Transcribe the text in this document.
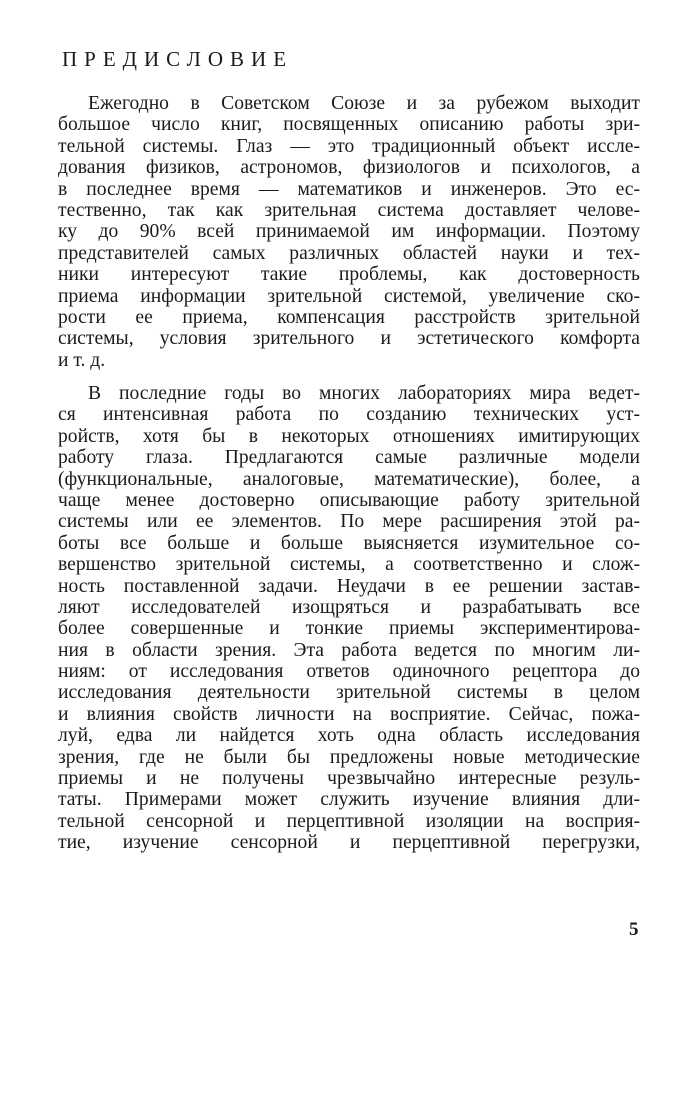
ПРЕДИСЛОВИЕ
Ежегодно в Советском Союзе и за рубежом выходит
большое число книг, посвященных описанию работы зри-
тельной системы. Глаз — это традиционный объект иссле-
дования физиков, астрономов, физиологов и психологов, а
в последнее время — математиков и инженеров. Это ес-
тественно, так как зрительная система доставляет челове-
ку до 90% всей принимаемой им информации. Поэтому
представителей самых различных областей науки и тех-
ники интересуют такие проблемы, как достоверность
приема информации зрительной системой, увеличение ско-
рости ее приема, компенсация расстройств зрительной
системы, условия зрительного и эстетического комфорта
и т. д.
В последние годы во многих лабораториях мира ведет-
ся интенсивная работа по созданию технических уст-
ройств, хотя бы в некоторых отношениях имитирующих
работу глаза. Предлагаются самые различные модели
(функциональные, аналоговые, математические), более, а
чаще менее достоверно описывающие работу зрительной
системы или ее элементов. По мере расширения этой ра-
боты все больше и больше выясняется изумительное со-
вершенство зрительной системы, а соответственно и слож-
ность поставленной задачи. Неудачи в ее решении застав-
ляют исследователей изощряться и разрабатывать все
более совершенные и тонкие приемы экспериментирова-
ния в области зрения. Эта работа ведется по многим ли-
ниям: от исследования ответов одиночного рецептора до
исследования деятельности зрительной системы в целом
и влияния свойств личности на восприятие. Сейчас, пожа-
луй, едва ли найдется хоть одна область исследования
зрения, где не были бы предложены новые методические
приемы и не получены чрезвычайно интересные резуль-
таты. Примерами может служить изучение влияния дли-
тельной сенсорной и перцептивной изоляции на восприя-
тие, изучение сенсорной и перцептивной перегрузки,
5
